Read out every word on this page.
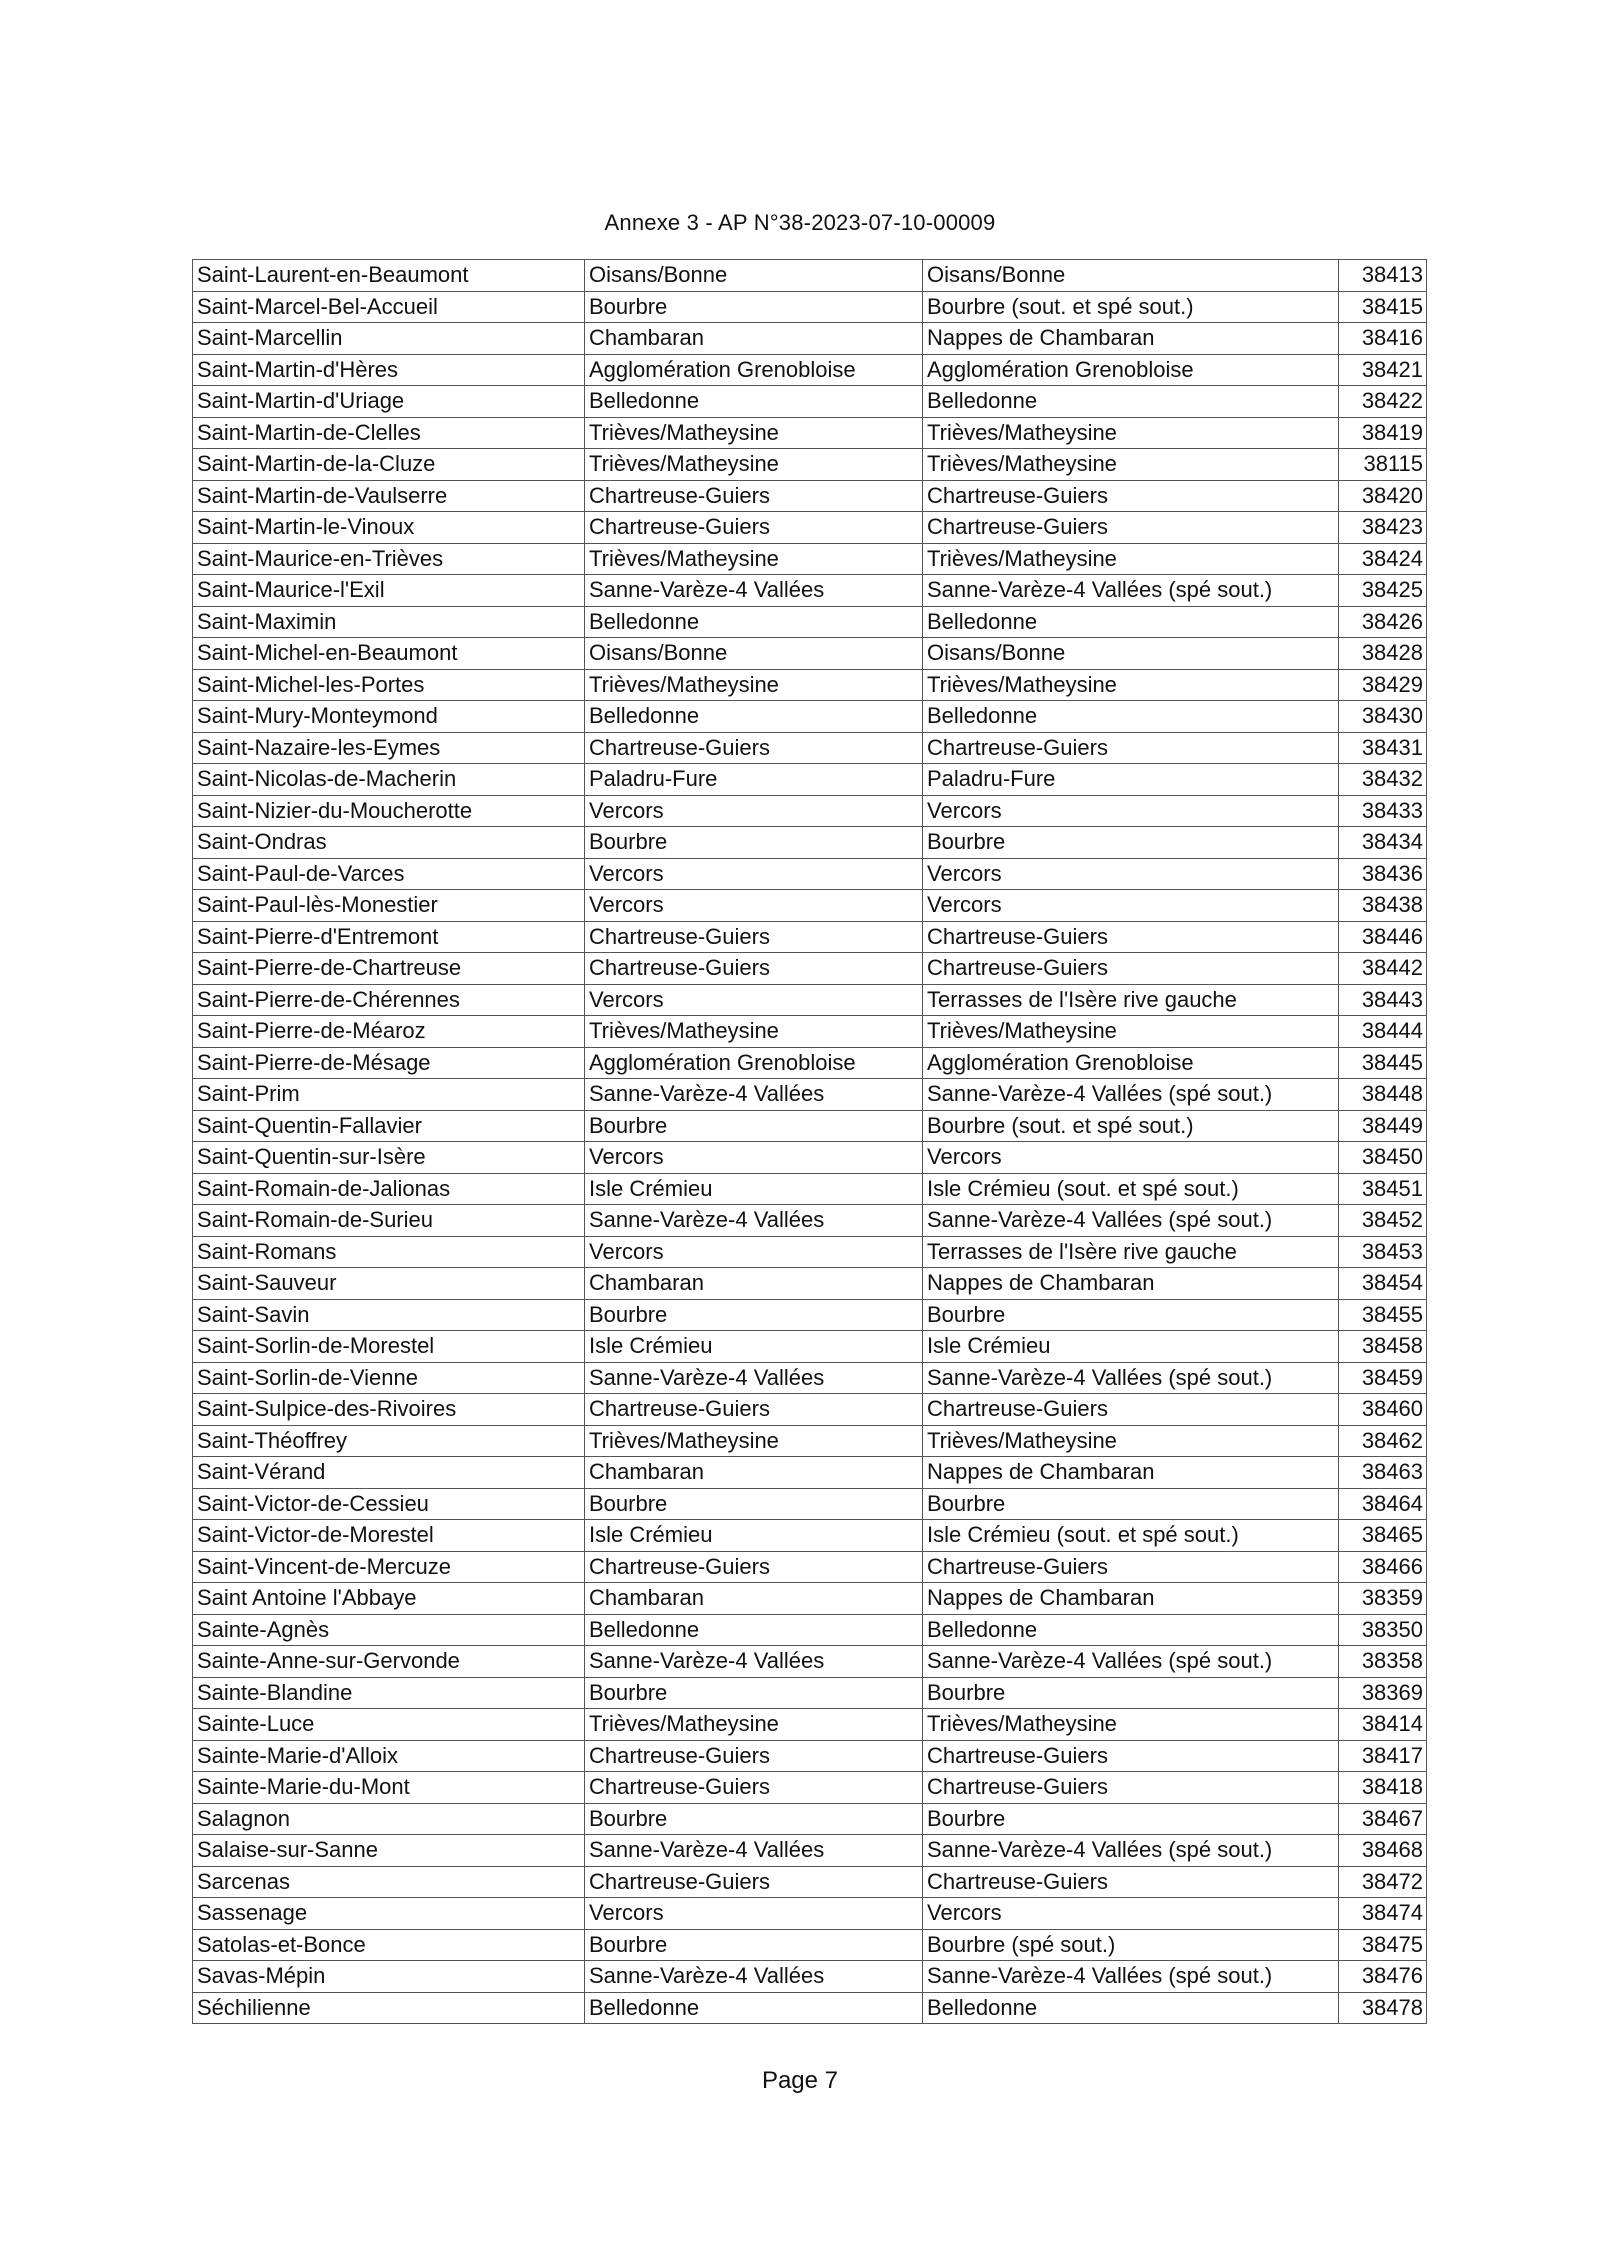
Annexe 3 - AP N°38-2023-07-10-00009
Saint-Laurent-en-Beaumont	Oisans/Bonne	Oisans/Bonne	38413
Saint-Marcel-Bel-Accueil	Bourbre	Bourbre (sout. et spé sout.)	38415
Saint-Marcellin	Chambaran	Nappes de Chambaran	38416
Saint-Martin-d'Hères	Agglomération Grenobloise	Agglomération Grenobloise	38421
Saint-Martin-d'Uriage	Belledonne	Belledonne	38422
Saint-Martin-de-Clelles	Trièves/Matheysine	Trièves/Matheysine	38419
Saint-Martin-de-la-Cluze	Trièves/Matheysine	Trièves/Matheysine	38115
Saint-Martin-de-Vaulserre	Chartreuse-Guiers	Chartreuse-Guiers	38420
Saint-Martin-le-Vinoux	Chartreuse-Guiers	Chartreuse-Guiers	38423
Saint-Maurice-en-Trièves	Trièves/Matheysine	Trièves/Matheysine	38424
Saint-Maurice-l'Exil	Sanne-Varèze-4 Vallées	Sanne-Varèze-4 Vallées (spé sout.)	38425
Saint-Maximin	Belledonne	Belledonne	38426
Saint-Michel-en-Beaumont	Oisans/Bonne	Oisans/Bonne	38428
Saint-Michel-les-Portes	Trièves/Matheysine	Trièves/Matheysine	38429
Saint-Mury-Monteymond	Belledonne	Belledonne	38430
Saint-Nazaire-les-Eymes	Chartreuse-Guiers	Chartreuse-Guiers	38431
Saint-Nicolas-de-Macherin	Paladru-Fure	Paladru-Fure	38432
Saint-Nizier-du-Moucherotte	Vercors	Vercors	38433
Saint-Ondras	Bourbre	Bourbre	38434
Saint-Paul-de-Varces	Vercors	Vercors	38436
Saint-Paul-lès-Monestier	Vercors	Vercors	38438
Saint-Pierre-d'Entremont	Chartreuse-Guiers	Chartreuse-Guiers	38446
Saint-Pierre-de-Chartreuse	Chartreuse-Guiers	Chartreuse-Guiers	38442
Saint-Pierre-de-Chérennes	Vercors	Terrasses de l'Isère rive gauche	38443
Saint-Pierre-de-Méaroz	Trièves/Matheysine	Trièves/Matheysine	38444
Saint-Pierre-de-Mésage	Agglomération Grenobloise	Agglomération Grenobloise	38445
Saint-Prim	Sanne-Varèze-4 Vallées	Sanne-Varèze-4 Vallées (spé sout.)	38448
Saint-Quentin-Fallavier	Bourbre	Bourbre (sout. et spé sout.)	38449
Saint-Quentin-sur-Isère	Vercors	Vercors	38450
Saint-Romain-de-Jalionas	Isle Crémieu	Isle Crémieu (sout. et spé sout.)	38451
Saint-Romain-de-Surieu	Sanne-Varèze-4 Vallées	Sanne-Varèze-4 Vallées (spé sout.)	38452
Saint-Romans	Vercors	Terrasses de l'Isère rive gauche	38453
Saint-Sauveur	Chambaran	Nappes de Chambaran	38454
Saint-Savin	Bourbre	Bourbre	38455
Saint-Sorlin-de-Morestel	Isle Crémieu	Isle Crémieu	38458
Saint-Sorlin-de-Vienne	Sanne-Varèze-4 Vallées	Sanne-Varèze-4 Vallées (spé sout.)	38459
Saint-Sulpice-des-Rivoires	Chartreuse-Guiers	Chartreuse-Guiers	38460
Saint-Théoffrey	Trièves/Matheysine	Trièves/Matheysine	38462
Saint-Vérand	Chambaran	Nappes de Chambaran	38463
Saint-Victor-de-Cessieu	Bourbre	Bourbre	38464
Saint-Victor-de-Morestel	Isle Crémieu	Isle Crémieu (sout. et spé sout.)	38465
Saint-Vincent-de-Mercuze	Chartreuse-Guiers	Chartreuse-Guiers	38466
Saint Antoine l'Abbaye	Chambaran	Nappes de Chambaran	38359
Sainte-Agnès	Belledonne	Belledonne	38350
Sainte-Anne-sur-Gervonde	Sanne-Varèze-4 Vallées	Sanne-Varèze-4 Vallées (spé sout.)	38358
Sainte-Blandine	Bourbre	Bourbre	38369
Sainte-Luce	Trièves/Matheysine	Trièves/Matheysine	38414
Sainte-Marie-d'Alloix	Chartreuse-Guiers	Chartreuse-Guiers	38417
Sainte-Marie-du-Mont	Chartreuse-Guiers	Chartreuse-Guiers	38418
Salagnon	Bourbre	Bourbre	38467
Salaise-sur-Sanne	Sanne-Varèze-4 Vallées	Sanne-Varèze-4 Vallées (spé sout.)	38468
Sarcenas	Chartreuse-Guiers	Chartreuse-Guiers	38472
Sassenage	Vercors	Vercors	38474
Satolas-et-Bonce	Bourbre	Bourbre (spé sout.)	38475
Savas-Mépin	Sanne-Varèze-4 Vallées	Sanne-Varèze-4 Vallées (spé sout.)	38476
Séchilienne	Belledonne	Belledonne	38478
Page 7
